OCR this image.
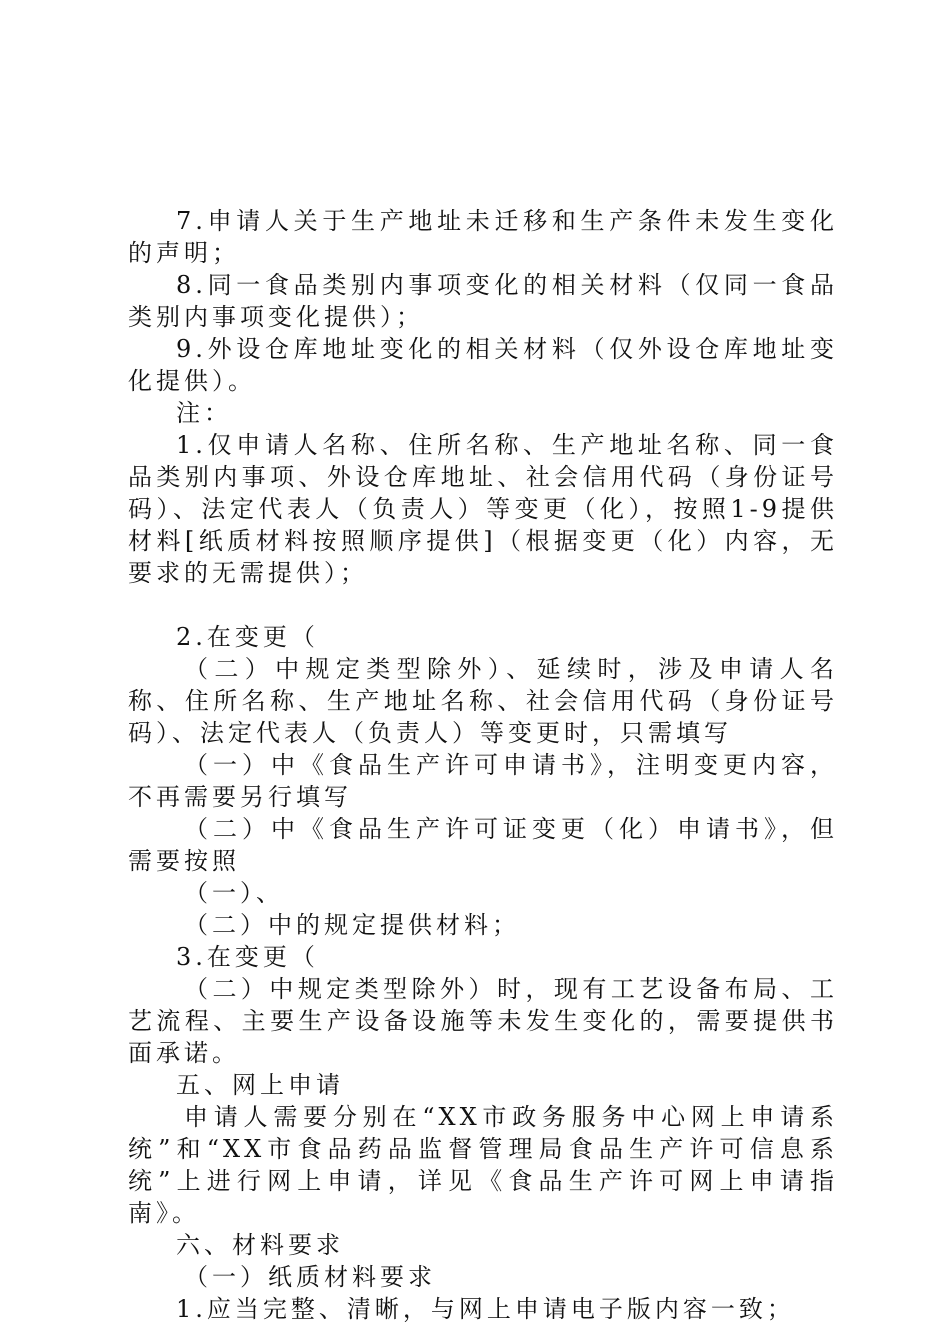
7.申请人关于生产地址未迁移和生产条件未发生变化的声明；

8.同一食品类别内事项变化的相关材料（仅同一食品类别内事项变化提供）；

9.外设仓库地址变化的相关材料（仅外设仓库地址变化提供）。

注：

1.仅申请人名称、住所名称、生产地址名称、同一食品类别内事项、外设仓库地址、社会信用代码（身份证号码）、法定代表人（负责人）等变更（化），按照1-9提供材料[纸质材料按照顺序提供]（根据变更（化）内容，无要求的无需提供）；

2.在变更（

（二）中规定类型除外）、延续时，涉及申请人名称、住所名称、生产地址名称、社会信用代码（身份证号码）、法定代表人（负责人）等变更时，只需填写

（一）中《食品生产许可申请书》，注明变更内容，不再需要另行填写

（二）中《食品生产许可证变更（化）申请书》，但需要按照

（一）、

（二）中的规定提供材料；

3.在变更（

（二）中规定类型除外）时，现有工艺设备布局、工艺流程、主要生产设备设施等未发生变化的，需要提供书面承诺。

五、网上申请

申请人需要分别在“XX市政务服务中心网上申请系统”和“XX市食品药品监督管理局食品生产许可信息系统”上进行网上申请，详见《食品生产许可网上申请指南》。

六、材料要求

（一）纸质材料要求

1.应当完整、清晰，与网上申请电子版内容一致；
